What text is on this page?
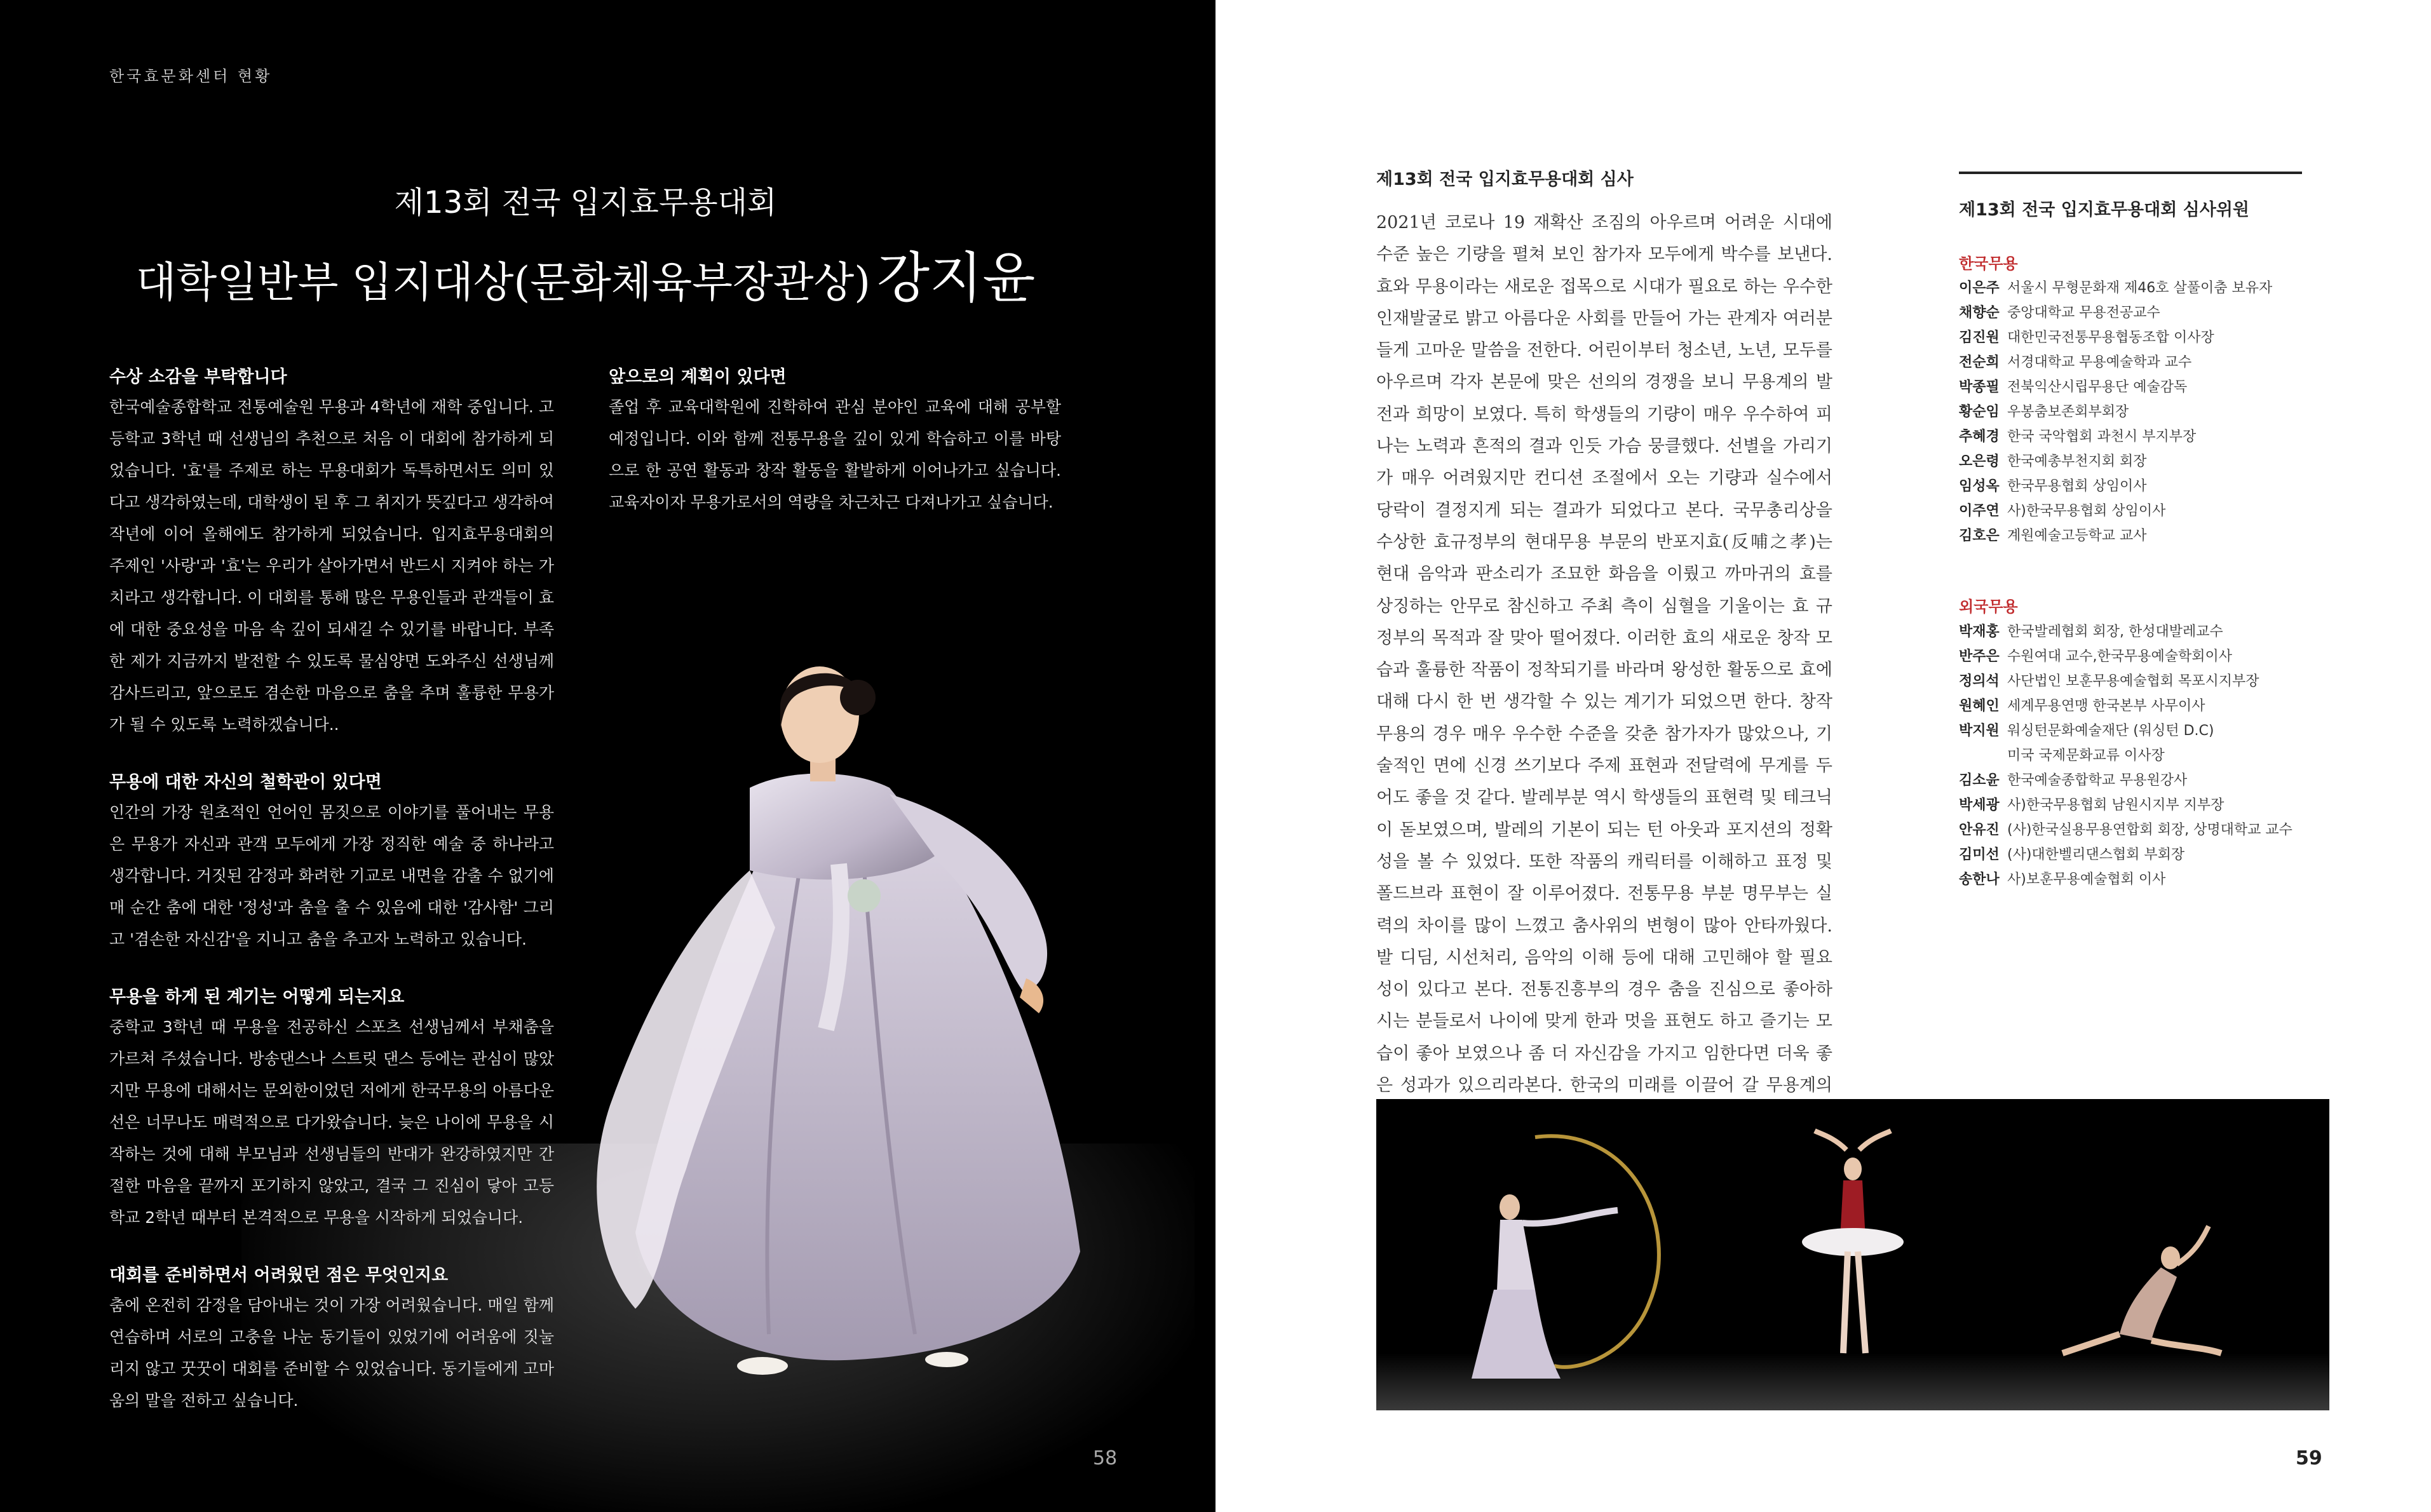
한국효문화센터 현황
제13회 전국 입지효무용대회
대학일반부 입지대상(문화체육부장관상) 강지윤

수상 소감을 부탁합니다

한국예술종합학교 전통예술원 무용과 4학년에 재학 중입니다. 고등학교 3학년 때 선생님의 추천으로 처음 이 대회에 참가하게 되었습니다. '효'를 주제로 하는 무용대회가 독특하면서도 의미 있다고 생각하였는데, 대학생이 된 후 그 취지가 뜻깊다고 생각하여 작년에 이어 올해에도 참가하게 되었습니다. 입지효무용대회의 주제인 '사랑'과 '효'는 우리가 살아가면서 반드시 지켜야 하는 가치라고 생각합니다. 이 대회를 통해 많은 무용인들과 관객들이 효에 대한 중요성을 마음 속 깊이 되새길 수 있기를 바랍니다. 부족한 제가 지금까지 발전할 수 있도록 물심양면 도와주신 선생님께 감사드리고, 앞으로도 겸손한 마음으로 춤을 추며 훌륭한 무용가가 될 수 있도록 노력하겠습니다..

무용에 대한 자신의 철학관이 있다면

인간의 가장 원초적인 언어인 몸짓으로 이야기를 풀어내는 무용은 무용가 자신과 관객 모두에게 가장 정직한 예술 중 하나라고 생각합니다. 거짓된 감정과 화려한 기교로 내면을 감출 수 없기에 매 순간 춤에 대한 '정성'과 춤을 출 수 있음에 대한 '감사함' 그리고 '겸손한 자신감'을 지니고 춤을 추고자 노력하고 있습니다.

무용을 하게 된 계기는 어떻게 되는지요

중학교 3학년 때 무용을 전공하신 스포츠 선생님께서 부채춤을 가르쳐 주셨습니다. 방송댄스나 스트릿 댄스 등에는 관심이 많았지만 무용에 대해서는 문외한이었던 저에게 한국무용의 아름다운 선은 너무나도 매력적으로 다가왔습니다. 늦은 나이에 무용을 시작하는 것에 대해 부모님과 선생님들의 반대가 완강하였지만 간절한 마음을 끝까지 포기하지 않았고, 결국 그 진심이 닿아 고등학교 2학년 때부터 본격적으로 무용을 시작하게 되었습니다.

대회를 준비하면서 어려웠던 점은 무엇인지요

춤에 온전히 감정을 담아내는 것이 가장 어려웠습니다. 매일 함께 연습하며 서로의 고충을 나눈 동기들이 있었기에 어려움에 짓눌리지 않고 꿋꿋이 대회를 준비할 수 있었습니다. 동기들에게 고마움의 말을 전하고 싶습니다.

앞으로의 계획이 있다면

졸업 후 교육대학원에 진학하여 관심 분야인 교육에 대해 공부할 예정입니다. 이와 함께 전통무용을 깊이 있게 학습하고 이를 바탕으로 한 공연 활동과 창작 활동을 활발하게 이어나가고 싶습니다. 교육자이자 무용가로서의 역량을 차근차근 다져나가고 싶습니다.

58
제13회 전국 입지효무용대회 심사

2021년 코로나 19 재확산 조짐의 아우르며 어려운 시대에 수준 높은 기량을 펼쳐 보인 참가자 모두에게 박수를 보낸다. 효와 무용이라는 새로운 접목으로 시대가 필요로 하는 우수한 인재발굴로 밝고 아름다운 사회를 만들어 가는 관계자 여러분들게 고마운 말씀을 전한다. 어린이부터 청소년, 노년, 모두를 아우르며 각자 본문에 맞은 선의의 경쟁을 보니 무용계의 발전과 희망이 보였다. 특히 학생들의 기량이 매우 우수하여 피나는 노력과 흔적의 결과 인듯 가슴 뭉클했다. 선별을 가리기가 매우 어려웠지만 컨디션 조절에서 오는 기량과 실수에서 당락이 결정지게 되는 결과가 되었다고 본다. 국무총리상을 수상한 효규정부의 현대무용 부문의 반포지효(反哺之孝)는 현대 음악과 판소리가 조묘한 화음을 이뤘고 까마귀의 효를 상징하는 안무로 참신하고 주최 측이 심혈을 기울이는 효 규정부의 목적과 잘 맞아 떨어졌다. 이러한 효의 새로운 창작 모습과 훌륭한 작품이 정착되기를 바라며 왕성한 활동으로 효에 대해 다시 한 번 생각할 수 있는 계기가 되었으면 한다. 창작무용의 경우 매우 우수한 수준을 갖춘 참가자가 많았으나, 기술적인 면에 신경 쓰기보다 주제 표현과 전달력에 무게를 두어도 좋을 것 같다. 발레부분 역시 학생들의 표현력 및 테크닉이 돋보였으며, 발레의 기본이 되는 턴 아웃과 포지션의 정확성을 볼 수 있었다. 또한 작품의 캐릭터를 이해하고 표정 및 폴드브라 표현이 잘 이루어졌다. 전통무용 부분 명무부는 실력의 차이를 많이 느꼈고 춤사위의 변형이 많아 안타까웠다. 발 디딤, 시선처리, 음악의 이해 등에 대해 고민해야 할 필요성이 있다고 본다. 전통진흥부의 경우 춤을 진심으로 좋아하시는 분들로서 나이에 맞게 한과 멋을 표현도 하고 즐기는 모습이 좋아 보였으나 좀 더 자신감을 가지고 임한다면 더욱 좋은 성과가 있으리라본다. 한국의 미래를 이끌어 갈 무용계의

제13회 전국 입지효무용대회 심사위원
한국무용
이은주 서울시 무형문화재 제46호 살풀이춤 보유자
채향순 중앙대학교 무용전공교수
김진원 대한민국전통무용협동조합 이사장
전순희 서경대학교 무용예술학과 교수
박종필 전북익산시립무용단 예술감독
황순임 우봉춤보존회부회장
추혜경 한국 국악협회 과천시 부지부장
오은령 한국예총부천지회 회장
임성옥 한국무용협회 상임이사
이주연 사)한국무용협회 상임이사
김호은 계원예술고등학교 교사
외국무용
박재홍 한국발레협회 회장, 한성대발레교수
반주은 수원여대 교수,한국무용예술학회이사
정의석 사단법인 보훈무용예술협회 목포시지부장
원혜인 세계무용연맹 한국본부 사무이사
박지원 워싱턴문화예술재단 (워싱턴 D.C)
미국 국제문화교류 이사장
김소윤 한국예술종합학교 무용원강사
박세광 사)한국무용협회 남원시지부 지부장
안유진 (사)한국실용무용연합회 회장, 상명대학교 교수
김미선 (사)대한벨리댄스협회 부회장
송한나 사)보훈무용예술협회 이사
59
